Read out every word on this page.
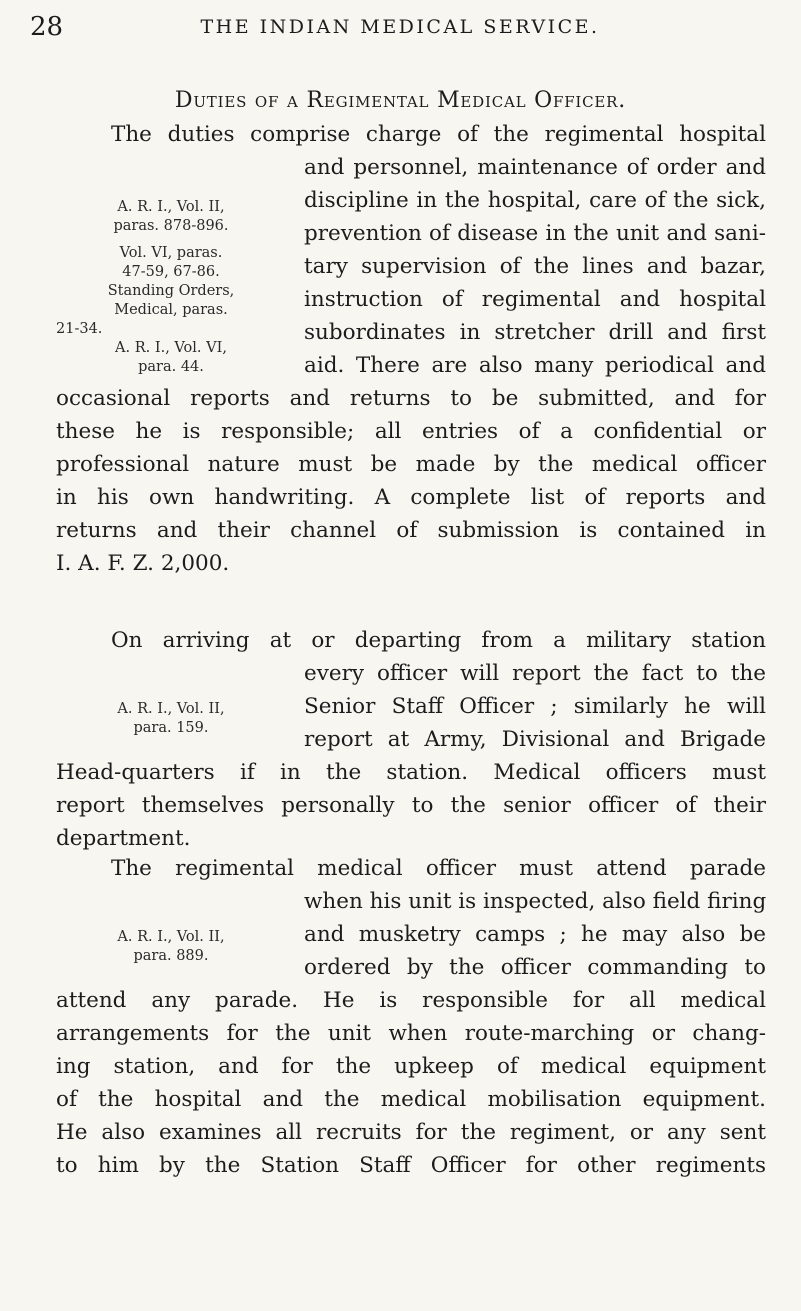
28	THE INDIAN MEDICAL SERVICE.
Duties of a Regimental Medical Officer.
The duties comprise charge of the regimental hospital
and personnel, maintenance of order and
discipline in the hospital, care of the sick,
prevention of disease in the unit and sani-
tary supervision of the lines and bazar,
instruction of regimental and hospital
subordinates in stretcher drill and first
aid. There are also many periodical and
occasional reports and returns to be submitted, and for
these he is responsible; all entries of a confidential or
professional nature must be made by the medical officer
in his own handwriting. A complete list of reports and
returns and their channel of submission is contained in
I. A. F. Z. 2,000.
A. R. I., Vol. II,
paras. 878-896.
Vol. VI, paras.
47-59, 67-86.
Standing Orders,
Medical, paras.
21-34.
A. R. I., Vol. VI,
para. 44.
On arriving at or departing from a military station
every officer will report the fact to the
Senior Staff Officer ; similarly he will
report at Army, Divisional and Brigade
Head-quarters if in the station. Medical officers must
report themselves personally to the senior officer of their
department.
A. R. I., Vol. II,
para. 159.
The regimental medical officer must attend parade
when his unit is inspected, also field firing
and musketry camps ; he may also be
ordered by the officer commanding to
attend any parade. He is responsible for all medical
arrangements for the unit when route-marching or chang-
ing station, and for the upkeep of medical equipment
of the hospital and the medical mobilisation equipment.
He also examines all recruits for the regiment, or any sent
to him by the Station Staff Officer for other regiments
A. R. I., Vol. II,
para. 889.
